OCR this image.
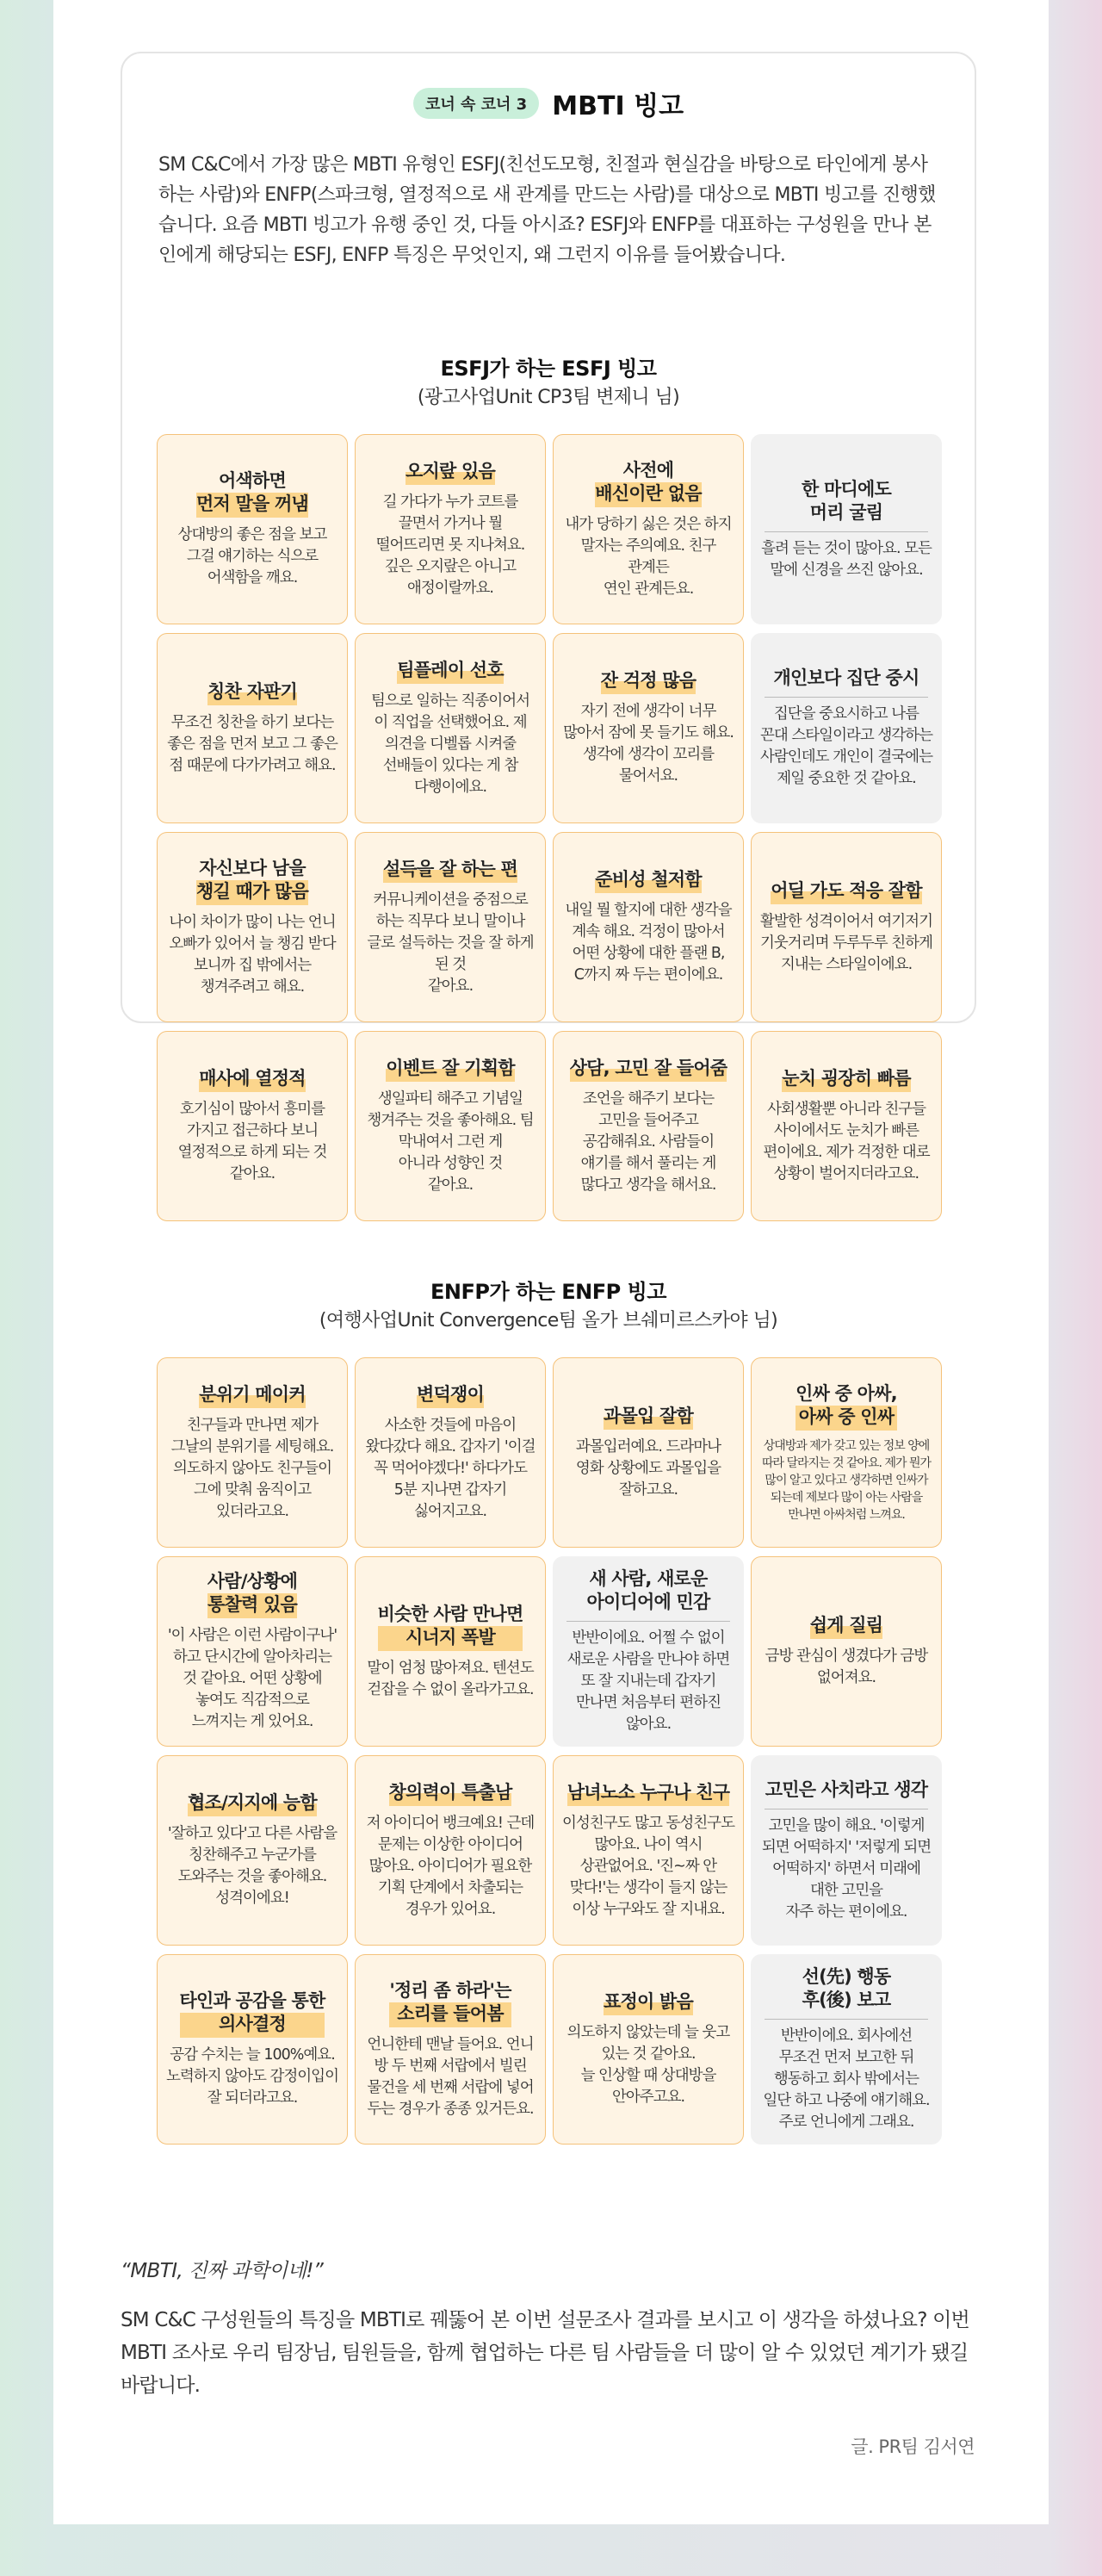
코너 속 코너 3 MBTI 빙고

SM C&C에서 가장 많은 MBTI 유형인 ESFJ(친선도모형, 친절과 현실감을 바탕으로 타인에게 봉사하는 사람)와 ENFP(스파크형, 열정적으로 새 관계를 만드는 사람)를 대상으로 MBTI 빙고를 진행했습니다. 요즘 MBTI 빙고가 유행 중인 것, 다들 아시죠? ESFJ와 ENFP를 대표하는 구성원을 만나 본인에게 해당되는 ESFJ, ENFP 특징은 무엇인지, 왜 그런지 이유를 들어봤습니다.

ESFJ가 하는 ESFJ 빙고
(광고사업Unit CP3팀 변제니 님)
어색하면
먼저 말을 꺼냄
상대방의 좋은 점을 보고 그걸 얘기하는 식으로 어색함을 깨요.
오지랖 있음
길 가다가 누가 코트를 끌면서 가거나 뭘 떨어뜨리면 못 지나쳐요. 깊은 오지랖은 아니고 애정이랄까요.
사전에
배신이란 없음
내가 당하기 싫은 것은 하지 말자는 주의예요. 친구 관계든
연인 관계든요.
한 마디에도
머리 굴림
흘려 듣는 것이 많아요. 모든 말에 신경을 쓰진 않아요.
칭찬 자판기
무조건 칭찬을 하기 보다는 좋은 점을 먼저 보고 그 좋은 점 때문에 다가가려고 해요.
팀플레이 선호
팀으로 일하는 직종이어서 이 직업을 선택했어요. 제 의견을 디벨롭 시켜줄 선배들이 있다는 게 참 다행이에요.
잔 걱정 많음
자기 전에 생각이 너무 많아서 잠에 못 들기도 해요. 생각에 생각이 꼬리를 물어서요.
개인보다 집단 중시
집단을 중요시하고 나름 꼰대 스타일이라고 생각하는 사람인데도 개인이 결국에는 제일 중요한 것 같아요.
자신보다 남을
챙길 때가 많음
나이 차이가 많이 나는 언니 오빠가 있어서 늘 챙김 받다 보니까 집 밖에서는 챙겨주려고 해요.
설득을 잘 하는 편
커뮤니케이션을 중점으로 하는 직무다 보니 말이나 글로 설득하는 것을 잘 하게 된 것
같아요.
준비성 철저함
내일 뭘 할지에 대한 생각을 계속 해요. 걱정이 많아서 어떤 상황에 대한 플랜 B, C까지 짜 두는 편이에요.
어딜 가도 적응 잘함
활발한 성격이어서 여기저기 기웃거리며 두루두루 친하게 지내는 스타일이에요.
매사에 열정적
호기심이 많아서 흥미를 가지고 접근하다 보니 열정적으로 하게 되는 것 같아요.
이벤트 잘 기획함
생일파티 해주고 기념일 챙겨주는 것을 좋아해요. 팀 막내여서 그런 게
아니라 성향인 것
같아요.
상담, 고민 잘 들어줌
조언을 해주기 보다는 고민을 들어주고 공감해줘요. 사람들이 얘기를 해서 풀리는 게 많다고 생각을 해서요.
눈치 굉장히 빠름
사회생활뿐 아니라 친구들 사이에서도 눈치가 빠른 편이에요. 제가 걱정한 대로 상황이 벌어지더라고요.
ENFP가 하는 ENFP 빙고
(여행사업Unit Convergence팀 올가 브쉐미르스카야 님)
분위기 메이커
친구들과 만나면 제가 그날의 분위기를 세팅해요. 의도하지 않아도 친구들이 그에 맞춰 움직이고 있더라고요.
변덕쟁이
사소한 것들에 마음이 왔다갔다 해요. 갑자기 '이걸 꼭 먹어야겠다!' 하다가도 5분 지나면 갑자기 싫어지고요.
과몰입 잘함
과몰입러예요. 드라마나 영화 상황에도 과몰입을 잘하고요.
인싸 중 아싸,
아싸 중 인싸
상대방과 제가 갖고 있는 정보 양에 따라 달라지는 것 같아요. 제가 뭔가 많이 알고 있다고 생각하면 인싸가 되는데 제보다 많이 아는 사람을 만나면 아싸처럼 느껴요.
사람/상황에
통찰력 있음
'이 사람은 이런 사람이구나' 하고 단시간에 알아차리는 것 같아요. 어떤 상황에 놓여도 직감적으로
느껴지는 게 있어요.
비슷한 사람 만나면
시너지 폭발
말이 엄청 많아져요. 텐션도 걷잡을 수 없이 올라가고요.
새 사람, 새로운
아이디어에 민감
반반이에요. 어쩔 수 없이 새로운 사람을 만나야 하면 또 잘 지내는데 갑자기 만나면 처음부터 편하진 않아요.
쉽게 질림
금방 관심이 생겼다가 금방 없어져요.
협조/지지에 능함
'잘하고 있다'고 다른 사람을 칭찬해주고 누군가를 도와주는 것을 좋아해요. 성격이에요!
창의력이 특출남
저 아이디어 뱅크예요! 근데 문제는 이상한 아이디어 많아요. 아이디어가 필요한 기획 단계에서 차출되는 경우가 있어요.
남녀노소 누구나 친구
이성친구도 많고 동성친구도 많아요. 나이 역시 상관없어요. '진~짜 안 맞다!'는 생각이 들지 않는 이상 누구와도 잘 지내요.
고민은 사치라고 생각
고민을 많이 해요. '이렇게 되면 어떡하지' '저렇게 되면 어떡하지' 하면서 미래에 대한 고민을
자주 하는 편이에요.
타인과 공감을 통한
의사결정
공감 수치는 늘 100%예요. 노력하지 않아도 감정이입이
잘 되더라고요.
'정리 좀 하라'는
소리를 들어봄
언니한테 맨날 들어요. 언니 방 두 번째 서랍에서 빌린 물건을 세 번째 서랍에 넣어 두는 경우가 종종 있거든요.
표정이 밝음
의도하지 않았는데 늘 웃고 있는 것 같아요.
늘 인상할 때 상대방을 안아주고요.
선(先) 행동
후(後) 보고
반반이에요. 회사에선 무조건 먼저 보고한 뒤 행동하고 회사 밖에서는 일단 하고 나중에 얘기해요. 주로 언니에게 그래요.
“MBTI, 진짜 과학이네!”

SM C&C 구성원들의 특징을 MBTI로 꿰뚫어 본 이번 설문조사 결과를 보시고 이 생각을 하셨나요? 이번 MBTI 조사로 우리 팀장님, 팀원들을, 함께 협업하는 다른 팀 사람들을 더 많이 알 수 있었던 계기가 됐길 바랍니다.

글. PR팀 김서연
